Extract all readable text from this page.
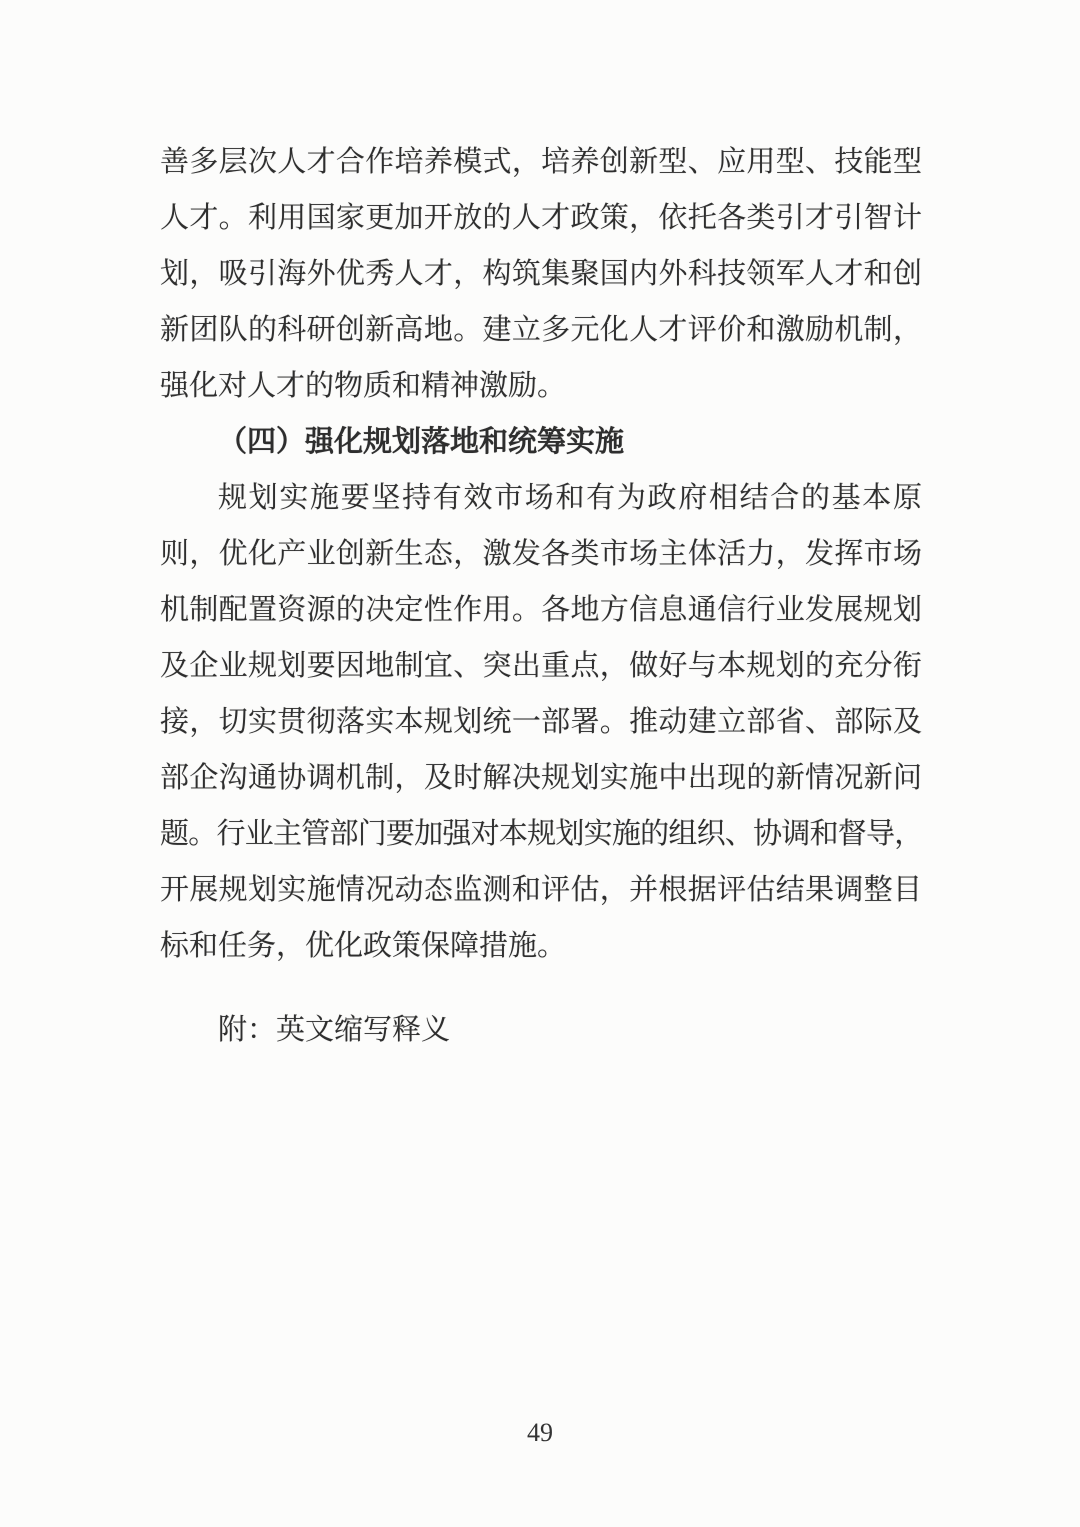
善多层次人才合作培养模式，培养创新型、应用型、技能型
人才。利用国家更加开放的人才政策，依托各类引才引智计
划，吸引海外优秀人才，构筑集聚国内外科技领军人才和创
新团队的科研创新高地。建立多元化人才评价和激励机制，
强化对人才的物质和精神激励。
（四）强化规划落地和统筹实施
规划实施要坚持有效市场和有为政府相结合的基本原
则，优化产业创新生态，激发各类市场主体活力，发挥市场
机制配置资源的决定性作用。各地方信息通信行业发展规划
及企业规划要因地制宜、突出重点，做好与本规划的充分衔
接，切实贯彻落实本规划统一部署。推动建立部省、部际及
部企沟通协调机制，及时解决规划实施中出现的新情况新问
题。行业主管部门要加强对本规划实施的组织、协调和督导，
开展规划实施情况动态监测和评估，并根据评估结果调整目
标和任务，优化政策保障措施。
附：英文缩写释义
49
